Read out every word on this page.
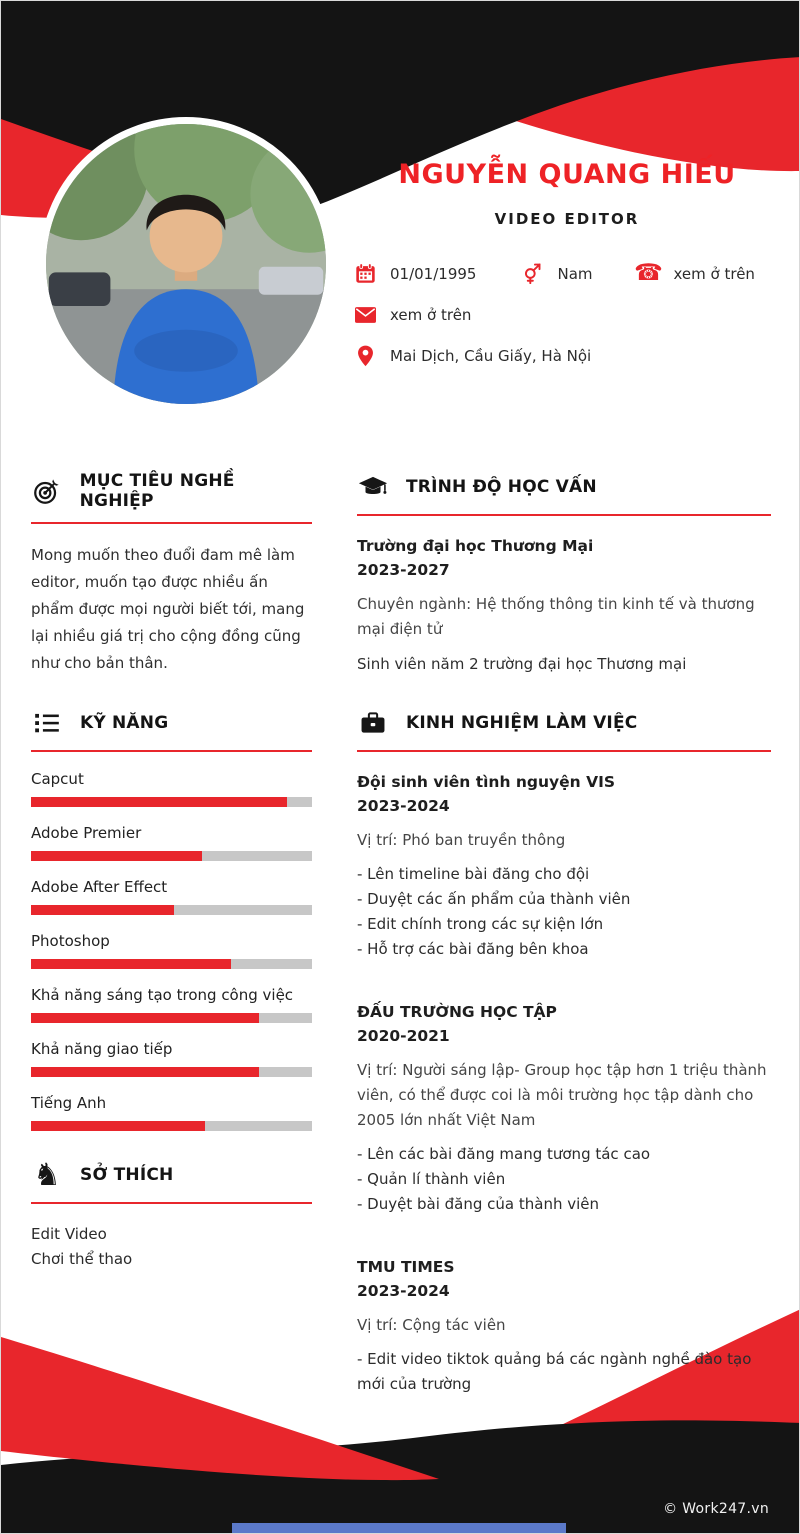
NGUYỄN QUANG HIẾU
VIDEO EDITOR
01/01/1995	Nam ☎ xem ở trên
xem ở trên
Mai Dịch, Cầu Giấy, Hà Nội
MỤC TIÊU NGHỀ NGHIỆP

Mong muốn theo đuổi đam mê làm editor, muốn tạo được nhiều ấn phẩm được mọi người biết tới, mang lại nhiều giá trị cho cộng đồng cũng như cho bản thân.

KỸ NĂNG
Capcut
Adobe Premier
Adobe After Effect
Photoshop
Khả năng sáng tạo trong công việc
Khả năng giao tiếp
Tiếng Anh
♞ SỞ THÍCH
Edit Video
Chơi thể thao
TRÌNH ĐỘ HỌC VẤN
Trường đại học Thương Mại
2023-2027
Chuyên ngành: Hệ thống thông tin kinh tế và thương mại điện tử
Sinh viên năm 2 trường đại học Thương mại
KINH NGHIỆM LÀM VIỆC
Đội sinh viên tình nguyện VIS
2023-2024
Vị trí: Phó ban truyền thông
- Lên timeline bài đăng cho đội
- Duyệt các ấn phẩm của thành viên
- Edit chính trong các sự kiện lớn
- Hỗ trợ các bài đăng bên khoa
ĐẤU TRƯỜNG HỌC TẬP
2020-2021
Vị trí: Người sáng lập- Group học tập hơn 1 triệu thành viên, có thể được coi là môi trường học tập dành cho 2005 lớn nhất Việt Nam
- Lên các bài đăng mang tương tác cao
- Quản lí thành viên
- Duyệt bài đăng của thành viên
TMU TIMES
2023-2024
Vị trí: Cộng tác viên
- Edit video tiktok quảng bá các ngành nghề đào tạo mới của trường
© Work247.vn
